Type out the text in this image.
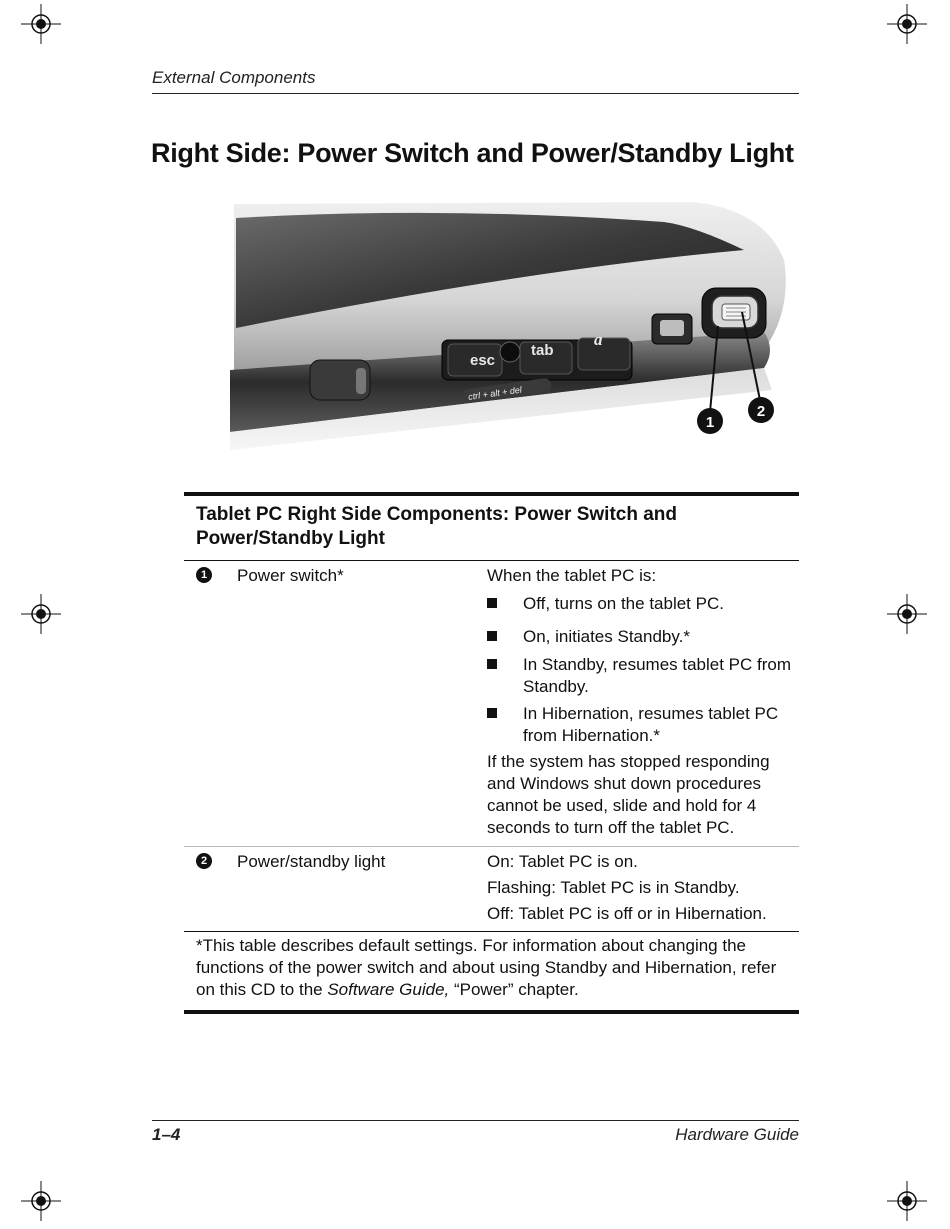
External Components
Right Side: Power Switch and Power/Standby Light
esc
tab
a
ctrl + alt + del
1
2
Tablet PC Right Side Components: Power Switch and Power/Standby Light
1 Power switch*	When the tablet PC is:
Off, turns on the tablet PC.
On, initiates Standby.*
In Standby, resumes tablet PC from Standby.
In Hibernation, resumes tablet PC from Hibernation.*
If the system has stopped responding and Windows shut down procedures cannot be used, slide and hold for 4 seconds to turn off the tablet PC.
2 Power/standby light	On: Tablet PC is on.
Flashing: Tablet PC is in Standby.
Off: Tablet PC is off or in Hibernation.
*This table describes default settings. For information about changing the functions of the power switch and about using Standby and Hibernation, refer on this CD to the Software Guide, “Power” chapter.
1–4	Hardware Guide
